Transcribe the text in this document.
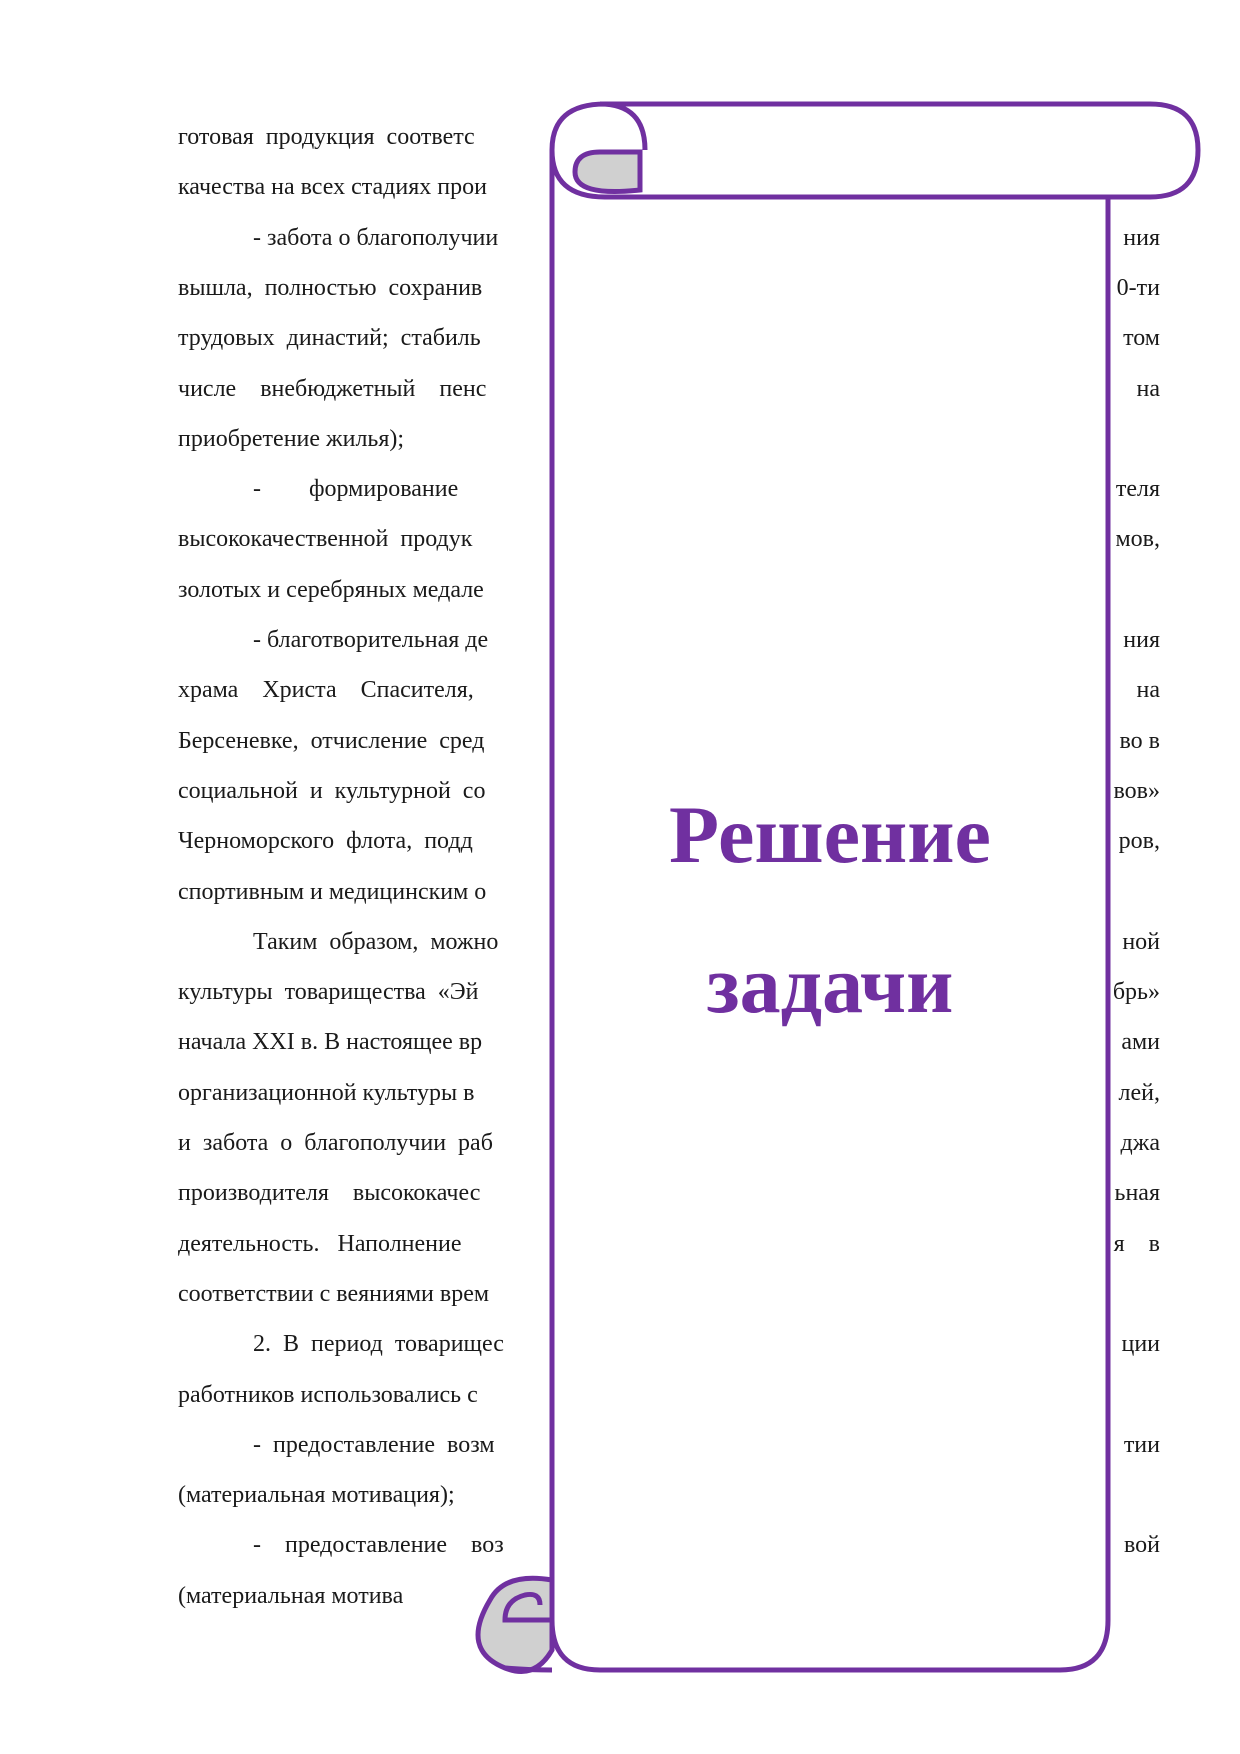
готовая  продукция  соответс
качества на всех стадиях прои
- забота о благополучии	ния
вышла,  полностью  сохранив	0-ти
трудовых  династий;  стабиль	том
числе    внебюджетный    пенс	на
приобретение жилья);
-        формирование	теля
высококачественной  продук	мов,
золотых и серебряных медале
- благотворительная де	ния
храма    Христа    Спасителя,	на
Берсеневке,  отчисление  сред	во в
социальной  и  культурной  со	вов»
Черноморского  флота,  подд	ров,
спортивным и медицинским о
Таким  образом,  можно	ной
культуры  товарищества  «Эй	брь»
начала XXI в. В настоящее вр	ами
организационной культуры в	лей,
и  забота  о  благополучии  раб	джа
производителя    высококачес	ьная
деятельность.   Наполнение	я    в
соответствии с веяниями врем
2.  В  период  товарищес	ции
работников использовались с
-  предоставление  возм	тии
(материальная мотивация);
-    предоставление    воз	вой
(материальная мотива
Решение
задачи
